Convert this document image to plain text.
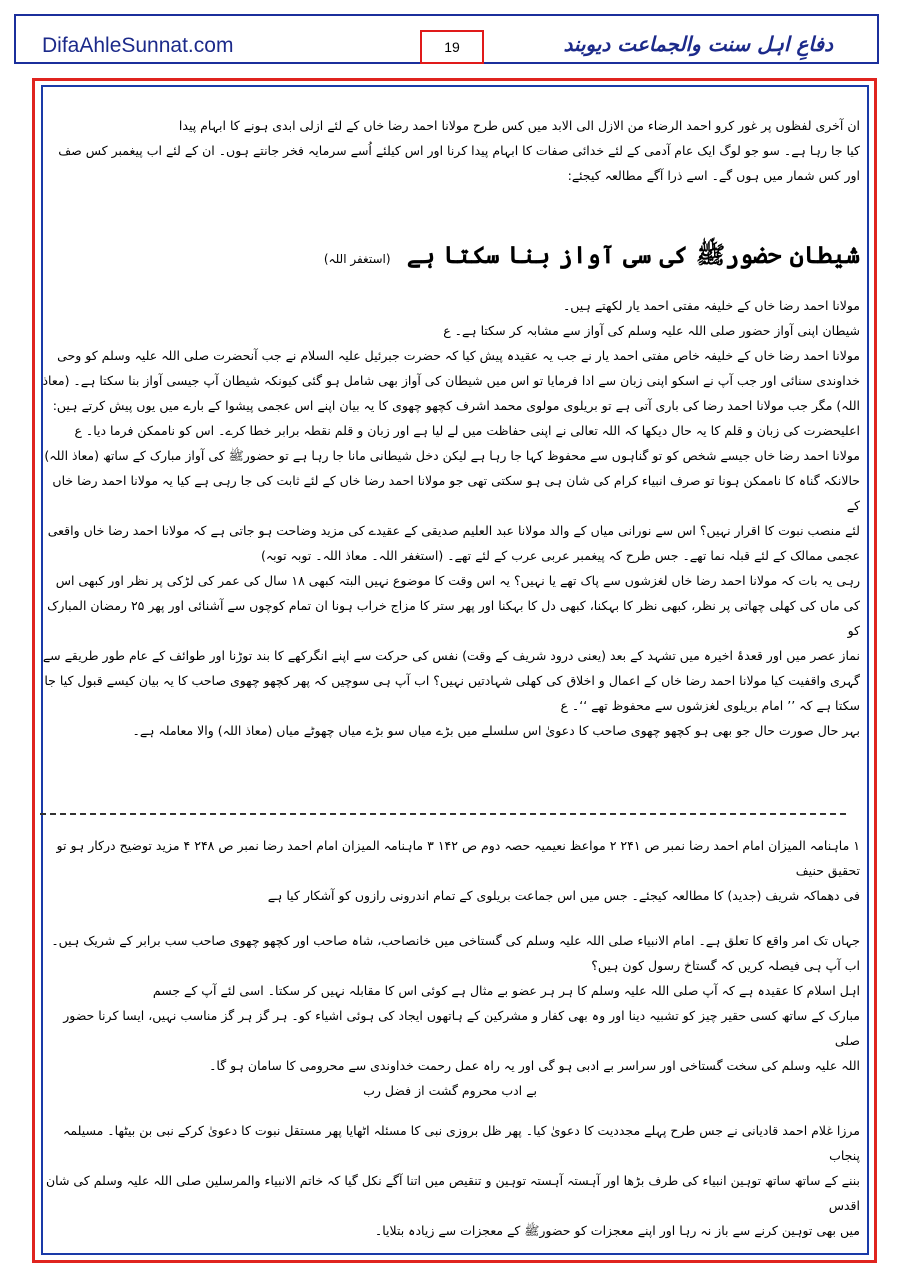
DifaAhleSunnat.com	19	دفاعِ اہل سنت والجماعت دیوبند

ان آخری لفظوں پر غور کرو احمد الرضاء من الازل الی الابد میں کس طرح مولانا احمد رضا خاں کے لئے ازلی ابدی ہونے کا ابہام پیدا

کیا جا رہا ہے۔ سو جو لوگ ایک عام آدمی کے لئے خدائی صفات کا ابہام پیدا کرنا اور اس کیلئے اُسے سرمایہ فخر جانتے ہوں۔ ان کے لئے اب پیغمبر کس صف

اور کس شمار میں ہوں گے۔ اسے ذرا آگے مطالعہ کیجئے:

شیطان حضورﷺ کی سی آواز بنا سکتا ہے (استغفر اللہ)

مولانا احمد رضا خاں کے خلیفہ مفتی احمد یار لکھتے ہیں۔

شیطان اپنی آواز حضور صلی اللہ علیہ وسلم کی آواز سے مشابہ کر سکتا ہے۔ ع

مولانا احمد رضا خاں کے خلیفہ خاص مفتی احمد یار نے جب یہ عقیدہ پیش کیا کہ حضرت جبرئیل علیہ السلام نے جب آنحضرت صلی اللہ علیہ وسلم کو وحی

خداوندی سنائی اور جب آپ نے اسکو اپنی زبان سے ادا فرمایا تو اس میں شیطان کی آواز بھی شامل ہو گئی کیونکہ شیطان آپ جیسی آواز بنا سکتا ہے۔ (معاذ

اللہ) مگر جب مولانا احمد رضا کی باری آتی ہے تو بریلوی مولوی محمد اشرف کچھو چھوی کا یہ بیان اپنے اس عجمی پیشوا کے بارے میں یوں پیش کرتے ہیں:

اعلیحضرت کی زبان و قلم کا یہ حال دیکھا کہ اللہ تعالی نے اپنی حفاظت میں لے لیا ہے اور زبان و قلم نقطہ برابر خطا کرے۔ اس کو ناممکن فرما دیا۔ ع

مولانا احمد رضا خاں جیسے شخص کو تو گناہوں سے محفوظ کہا جا رہا ہے لیکن دخل شیطانی مانا جا رہا ہے تو حضورﷺ کی آواز مبارک کے ساتھ (معاذ اللہ)

حالانکہ گناہ کا ناممکن ہونا تو صرف انبیاء کرام کی شان ہی ہو سکتی تھی جو مولانا احمد رضا خاں کے لئے ثابت کی جا رہی ہے کیا یہ مولانا احمد رضا خاں کے

لئے منصب نبوت کا اقرار نہیں؟ اس سے نورانی میاں کے والد مولانا عبد العلیم صدیقی کے عقیدے کی مزید وضاحت ہو جاتی ہے کہ مولانا احمد رضا خاں واقعی

عجمی ممالک کے لئے قبلہ نما تھے۔ جس طرح کہ پیغمبر عربی عرب کے لئے تھے۔ (استغفر اللہ۔ معاذ اللہ۔ توبہ توبہ)

رہی یہ بات کہ مولانا احمد رضا خاں لغزشوں سے پاک تھے یا نہیں؟ یہ اس وقت کا موضوع نہیں البتہ کبھی ۱۸ سال کی عمر کی لڑکی پر نظر اور کبھی اس

کی ماں کی کھلی چھاتی پر نظر، کبھی نظر کا بہکنا، کبھی دل کا بہکنا اور پھر ستر کا مزاج خراب ہونا ان تمام کوچوں سے آشنائی اور پھر ۲۵ رمضان المبارک کو

نماز عصر میں اور قعدۂ اخیرہ میں تشہد کے بعد (یعنی درود شریف کے وقت) نفس کی حرکت سے اپنے انگرکھے کا بند توڑنا اور طوائف کے عام طور طریقے سے

گہری واقفیت کیا مولانا احمد رضا خاں کے اعمال و اخلاق کی کھلی شہادتیں نہیں؟ اب آپ ہی سوچیں کہ پھر کچھو چھوی صاحب کا یہ بیان کیسے قبول کیا جا

سکتا ہے کہ ’’ امام بریلوی لغزشوں سے محفوظ تھے ‘‘۔ ع

بہر حال صورت حال جو بھی ہو کچھو چھوی صاحب کا دعویٰ اس سلسلے میں بڑے میاں سو بڑے میاں چھوٹے میاں (معاذ اللہ) والا معاملہ ہے۔

۱ ماہنامہ المیزان امام احمد رضا نمبر ص ۲۴۱ ۲ مواعظ نعیمیہ حصہ دوم ص ۱۴۲ ۳ ماہنامہ المیزان امام احمد رضا نمبر ص ۲۴۸ ۴ مزید توضیح درکار ہو تو تحقیق حنیف

فی دھماکہ شریف (جدید) کا مطالعہ کیجئے۔ جس میں اس جماعت بریلوی کے تمام اندرونی رازوں کو آشکار کیا ہے

جہاں تک امر واقع کا تعلق ہے۔ امام الانبیاء صلی اللہ علیہ وسلم کی گستاخی میں خانصاحب، شاہ صاحب اور کچھو چھوی صاحب سب برابر کے شریک ہیں۔

اب آپ ہی فیصلہ کریں کہ گستاخ رسول کون ہیں؟

اہل اسلام کا عقیدہ ہے کہ آپ صلی اللہ علیہ وسلم کا ہر ہر عضو بے مثال ہے کوئی اس کا مقابلہ نہیں کر سکتا۔ اسی لئے آپ کے جسم

مبارک کے ساتھ کسی حقیر چیز کو تشبیہ دینا اور وہ بھی کفار و مشرکین کے ہاتھوں ایجاد کی ہوئی اشیاء کو۔ ہر گز ہر گز مناسب نہیں، ایسا کرنا حضور صلی

اللہ علیہ وسلم کی سخت گستاخی اور سراسر بے ادبی ہو گی اور یہ راہ عمل رحمت خداوندی سے محرومی کا سامان ہو گا۔

بے ادب محروم گشت از فضل رب

مرزا غلام احمد قادیانی نے جس طرح پہلے مجددیت کا دعویٰ کیا۔ پھر ظل بروزی نبی کا مسئلہ اٹھایا پھر مستقل نبوت کا دعویٰ کرکے نبی بن بیٹھا۔ مسیلمہ پنجاب

بننے کے ساتھ ساتھ توہین انبیاء کی طرف بڑھا اور آہستہ آہستہ توہین و تنقیص میں اتنا آگے نکل گیا کہ خاتم الانبیاء والمرسلین صلی اللہ علیہ وسلم کی شان اقدس

میں بھی توہین کرنے سے باز نہ رہا اور اپنے معجزات کو حضورﷺ کے معجزات سے زیادہ بتلایا۔
